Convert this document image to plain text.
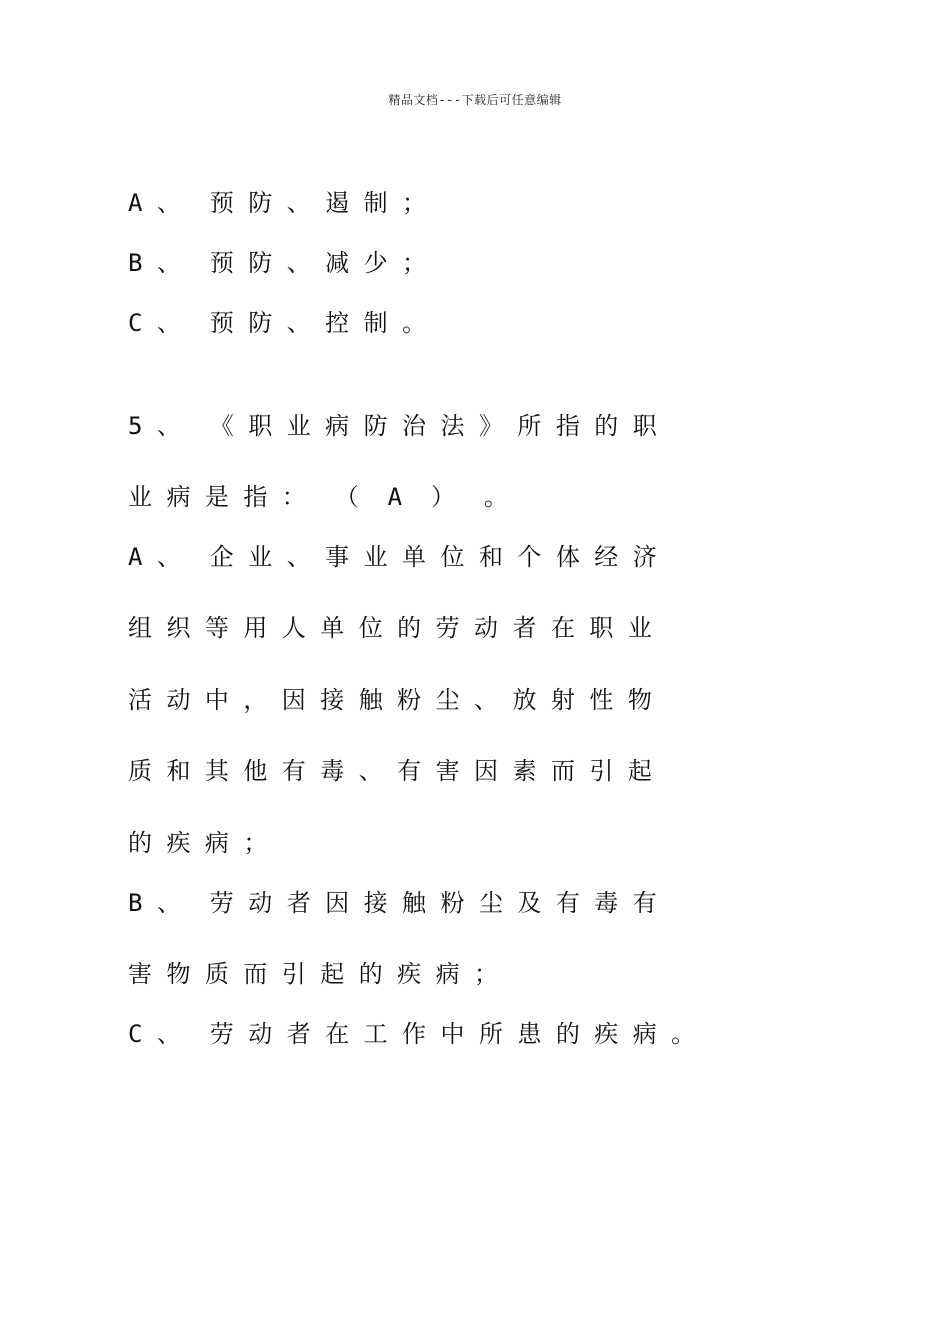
精品文档---下载后可任意编辑

A 、  预 防 、 遏 制 ；

B 、  预 防 、 减 少 ；

C 、  预 防 、 控 制 。

5 、  《 职 业 病 防 治 法 》 所 指 的 职

业 病 是 指 ：  （  A  ）  。

A 、  企 业 、 事 业 单 位 和 个 体 经 济

组 织 等 用 人 单 位 的 劳 动 者 在 职 业

活 动 中 ， 因 接 触 粉 尘 、 放 射 性 物

质 和 其 他 有 毒 、 有 害 因 素 而 引 起

的 疾 病 ；

B 、  劳 动 者 因 接 触 粉 尘 及 有 毒 有

害 物 质 而 引 起 的 疾 病 ；

C 、  劳 动 者 在 工 作 中 所 患 的 疾 病 。
